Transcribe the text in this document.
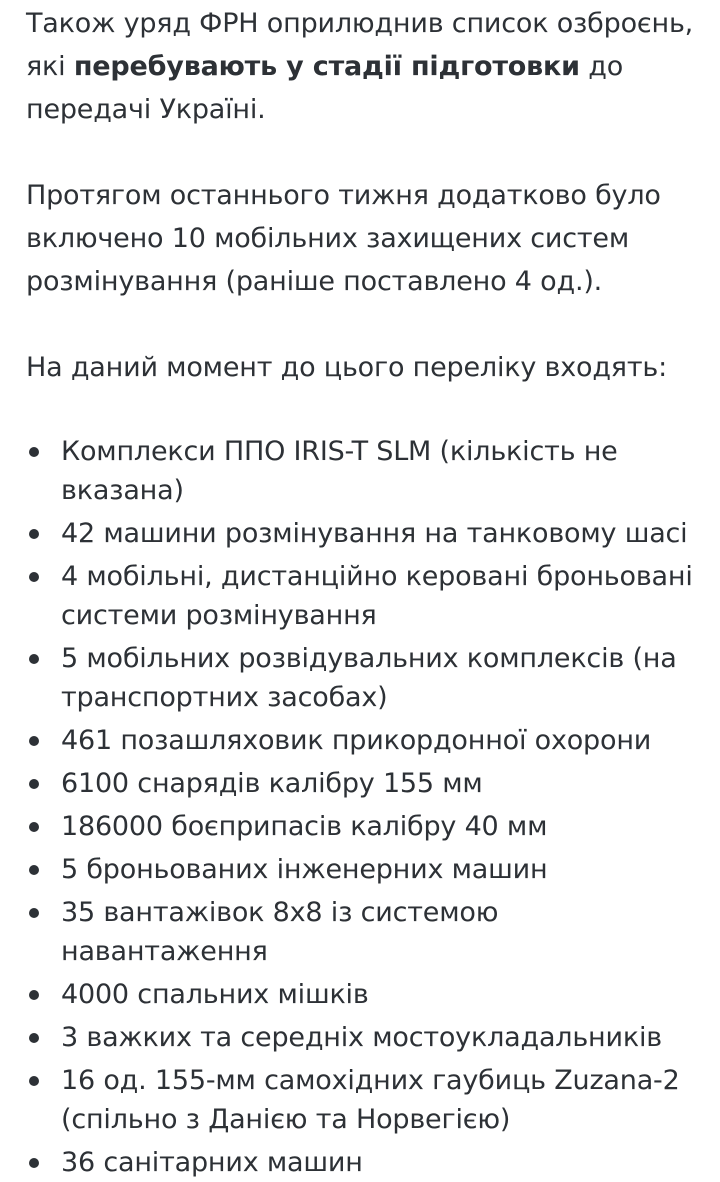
Також уряд ФРН оприлюднив список озброєнь, які перебувають у стадії підготовки до передачі Україні.

Протягом останнього тижня додатково було включено 10 мобільних захищених систем розмінування (раніше поставлено 4 од.).

На даний момент до цього переліку входять:

Комплекси ППО IRIS-T SLM (кількість не вказана)
42 машини розмінування на танковому шасі
4 мобільні, дистанційно керовані броньовані системи розмінування
5 мобільних розвідувальних комплексів (на транспортних засобах)
461 позашляховик прикордонної охорони
6100 снарядів калібру 155 мм
186000 боєприпасів калібру 40 мм
5 броньованих інженерних машин
35 вантажівок 8x8 із системою навантаження
4000 спальних мішків
3 важких та середніх мостоукладальників
16 од. 155-мм самохідних гаубиць Zuzana-2 (спільно з Данією та Норвегією)
36 санітарних машин
